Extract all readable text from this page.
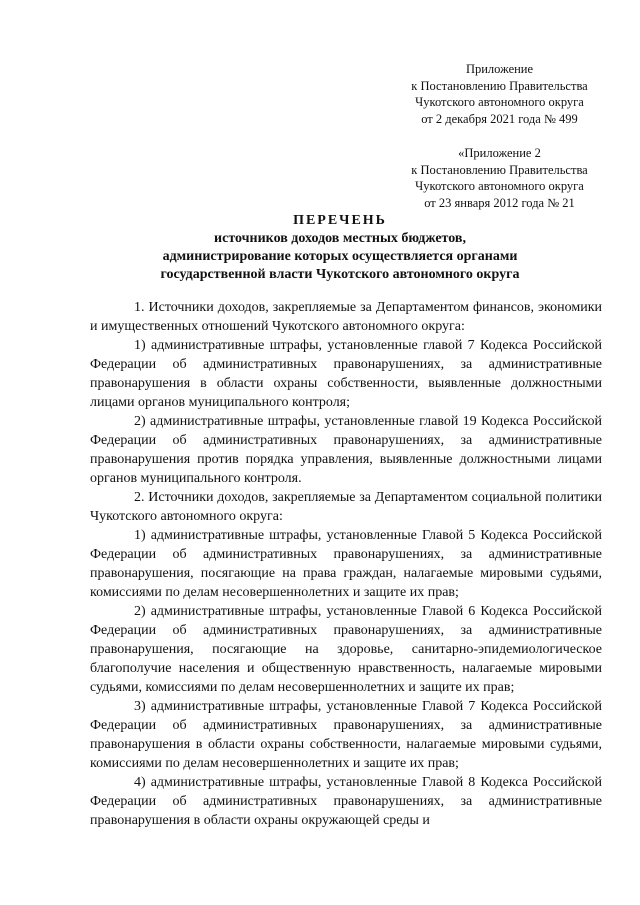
Приложение
к Постановлению Правительства
Чукотского автономного округа
от 2 декабря 2021 года № 499
«Приложение 2
к Постановлению Правительства
Чукотского автономного округа
от 23 января 2012 года № 21
ПЕРЕЧЕНЬ
источников доходов местных бюджетов,
администрирование которых осуществляется органами
государственной власти Чукотского автономного округа

1. Источники доходов, закрепляемые за Департаментом финансов, экономики и имущественных отношений Чукотского автономного округа:

1) административные штрафы, установленные главой 7 Кодекса Российской Федерации об административных правонарушениях, за административные правонарушения в области охраны собственности, выявленные должностными лицами органов муниципального контроля;

2) административные штрафы, установленные главой 19 Кодекса Российской Федерации об административных правонарушениях, за административные правонарушения против порядка управления, выявленные должностными лицами органов муниципального контроля.

2. Источники доходов, закрепляемые за Департаментом социальной политики Чукотского автономного округа:

1) административные штрафы, установленные Главой 5 Кодекса Российской Федерации об административных правонарушениях, за административные правонарушения, посягающие на права граждан, налагаемые мировыми судьями, комиссиями по делам несовершеннолетних и защите их прав;

2) административные штрафы, установленные Главой 6 Кодекса Российской Федерации об административных правонарушениях, за административные правонарушения, посягающие на здоровье, санитарно-эпидемиологическое благополучие населения и общественную нравственность, налагаемые мировыми судьями, комиссиями по делам несовершеннолетних и защите их прав;

3) административные штрафы, установленные Главой 7 Кодекса Российской Федерации об административных правонарушениях, за административные правонарушения в области охраны собственности, налагаемые мировыми судьями, комиссиями по делам несовершеннолетних и защите их прав;

4) административные штрафы, установленные Главой 8 Кодекса Российской Федерации об административных правонарушениях, за административные правонарушения в области охраны окружающей среды и
